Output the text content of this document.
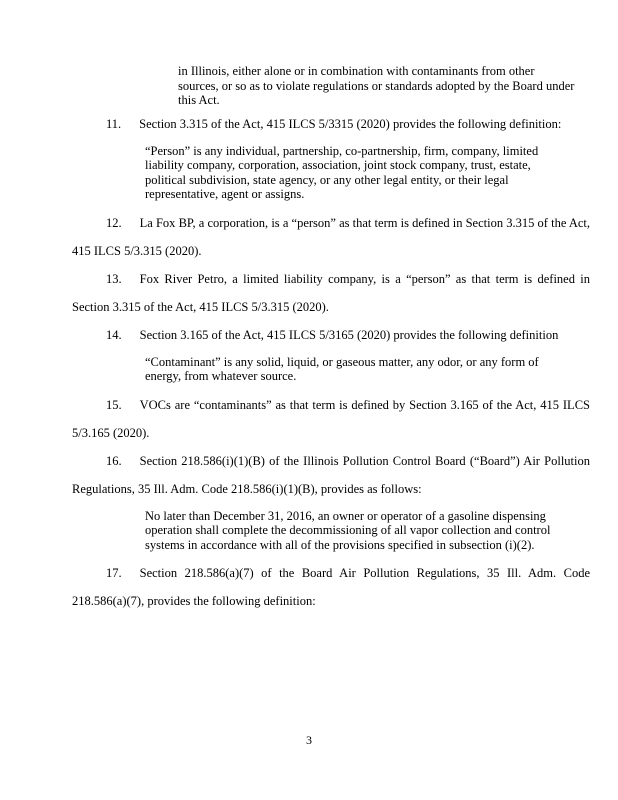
in Illinois, either alone or in combination with contaminants from other sources, or so as to violate regulations or standards adopted by the Board under this Act.

11. Section 3.315 of the Act, 415 ILCS 5/3315 (2020) provides the following definition:

“Person” is any individual, partnership, co-partnership, firm, company, limited liability company, corporation, association, joint stock company, trust, estate, political subdivision, state agency, or any other legal entity, or their legal representative, agent or assigns.

12. La Fox BP, a corporation, is a “person” as that term is defined in Section 3.315 of the Act, 415 ILCS 5/3.315 (2020).

13. Fox River Petro, a limited liability company, is a “person” as that term is defined in Section 3.315 of the Act, 415 ILCS 5/3.315 (2020).

14. Section 3.165 of the Act, 415 ILCS 5/3165 (2020) provides the following definition

“Contaminant” is any solid, liquid, or gaseous matter, any odor, or any form of energy, from whatever source.

15. VOCs are “contaminants” as that term is defined by Section 3.165 of the Act, 415 ILCS 5/3.165 (2020).

16. Section 218.586(i)(1)(B) of the Illinois Pollution Control Board (“Board”) Air Pollution Regulations, 35 Ill. Adm. Code 218.586(i)(1)(B), provides as follows:

No later than December 31, 2016, an owner or operator of a gasoline dispensing operation shall complete the decommissioning of all vapor collection and control systems in accordance with all of the provisions specified in subsection (i)(2).

17. Section 218.586(a)(7) of the Board Air Pollution Regulations, 35 Ill. Adm. Code 218.586(a)(7), provides the following definition:

3
